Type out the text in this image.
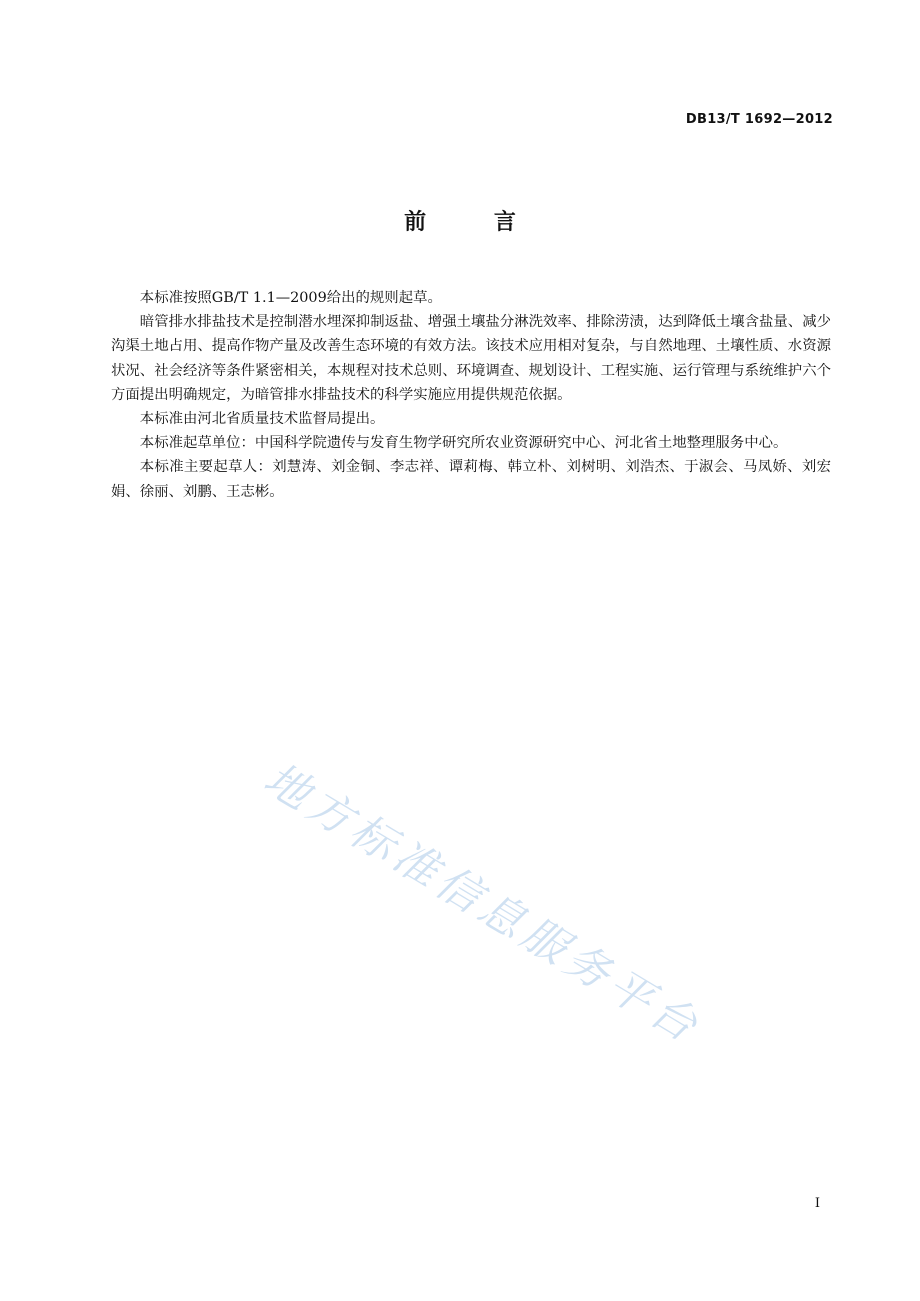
DB13/T 1692—2012
前 言

本标准按照GB/T 1.1—2009给出的规则起草。

暗管排水排盐技术是控制潜水埋深抑制返盐、增强土壤盐分淋洗效率、排除涝渍，达到降低土壤含盐量、减少沟渠土地占用、提高作物产量及改善生态环境的有效方法。该技术应用相对复杂，与自然地理、土壤性质、水资源状况、社会经济等条件紧密相关，本规程对技术总则、环境调查、规划设计、工程实施、运行管理与系统维护六个方面提出明确规定，为暗管排水排盐技术的科学实施应用提供规范依据。

本标准由河北省质量技术监督局提出。

本标准起草单位：中国科学院遗传与发育生物学研究所农业资源研究中心、河北省土地整理服务中心。

本标准主要起草人：刘慧涛、刘金铜、李志祥、谭莉梅、韩立朴、刘树明、刘浩杰、于淑会、马凤娇、刘宏娟、徐丽、刘鹏、王志彬。

地方标准信息服务平台
I
